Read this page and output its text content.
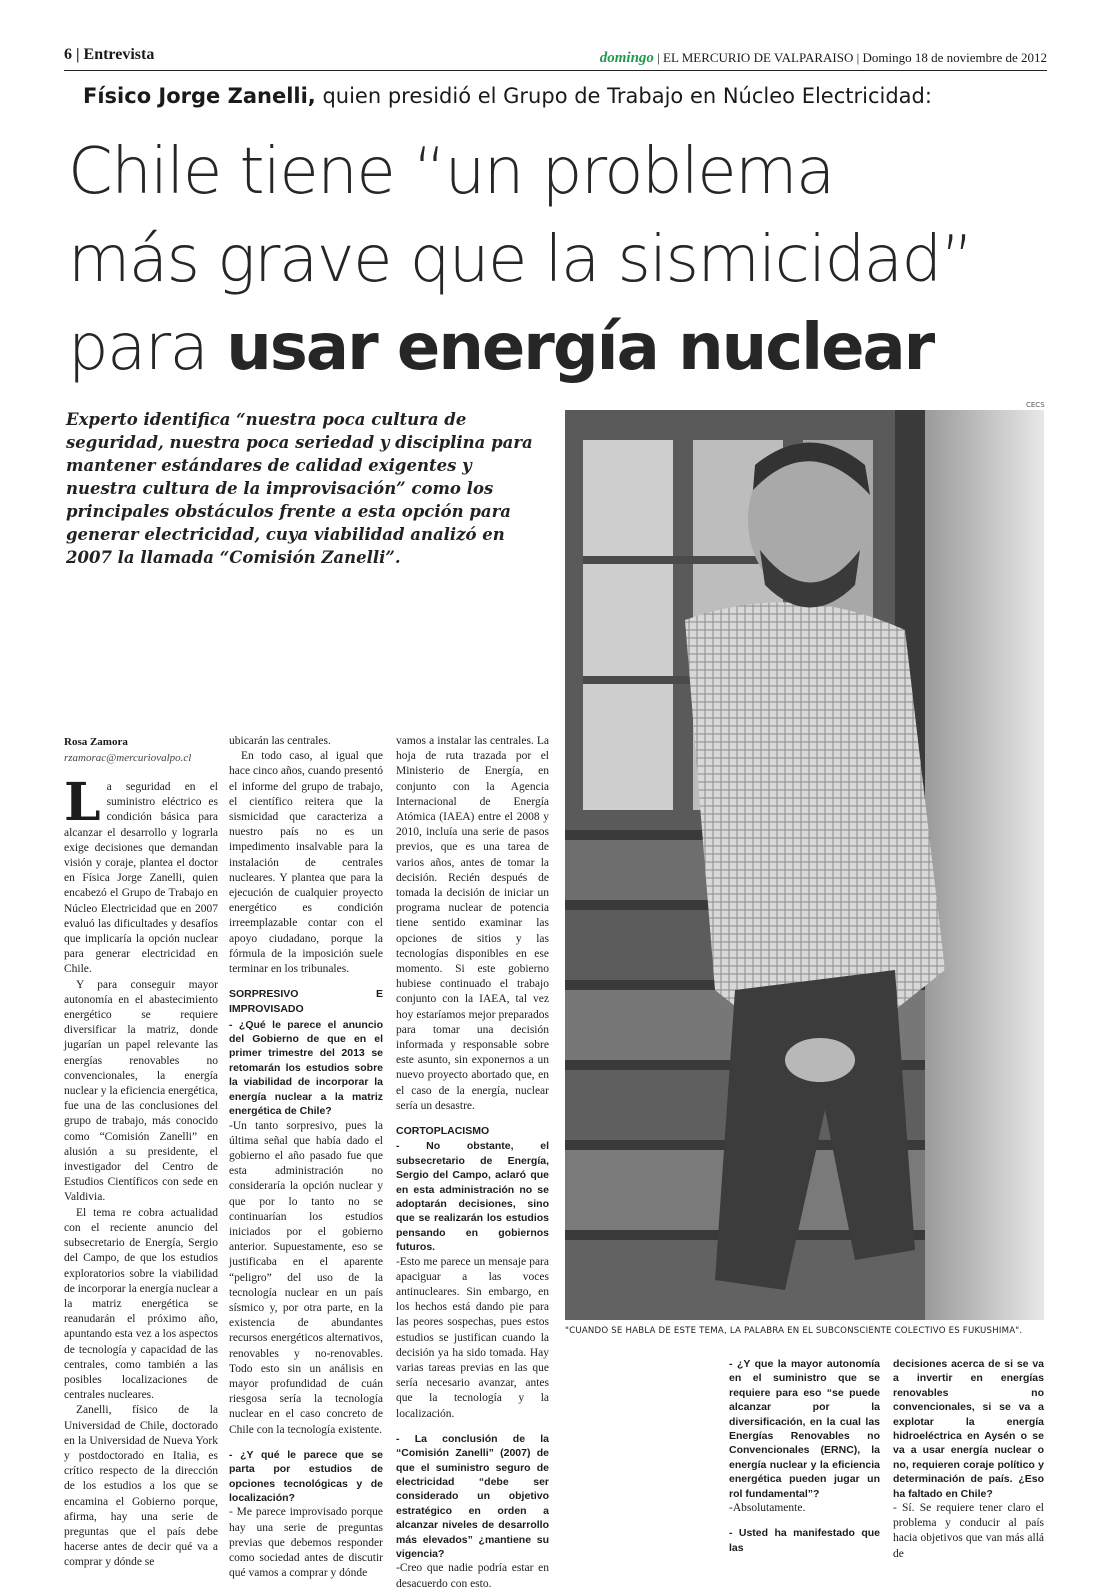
6 | Entrevista	domingo | EL MERCURIO DE VALPARAISO | Domingo 18 de noviembre de 2012
Físico Jorge Zanelli, quien presidió el Grupo de Trabajo en Núcleo Electricidad:
Chile tiene “un problema
más grave que la sismicidad”
para usar energía nuclear
Experto identifica “nuestra poca cultura de seguridad, nuestra poca seriedad y disciplina para mantener estándares de calidad exigentes y nuestra cultura de la improvisación” como los principales obstáculos frente a esta opción para generar electricidad, cuya viabilidad analizó en 2007 la llamada “Comisión Zanelli”.
CECS
"CUANDO SE HABLA DE ESTE TEMA, LA PALABRA EN EL SUBCONSCIENTE COLECTIVO ES FUKUSHIMA".
Rosa Zamora
rzamorac@mercuriovalpo.cl

La seguridad en el suministro eléctrico es condición básica para alcanzar el desarrollo y lograrla exige decisiones que demandan visión y coraje, plantea el doctor en Física Jorge Zanelli, quien encabezó el Grupo de Trabajo en Núcleo Electricidad que en 2007 evaluó las dificultades y desafíos que implicaría la opción nuclear para generar electricidad en Chile.

Y para conseguir mayor autonomía en el abastecimiento energético se requiere diversificar la matriz, donde jugarían un papel relevante las energías renovables no convencionales, la energía nuclear y la eficiencia energética, fue una de las conclusiones del grupo de trabajo, más conocido como “Comisión Zanelli” en alusión a su presidente, el investigador del Centro de Estudios Científicos con sede en Valdivia.

El tema re cobra actualidad con el reciente anuncio del subsecretario de Energía, Sergio del Campo, de que los estudios exploratorios sobre la viabilidad de incorporar la energía nuclear a la matriz energética se reanudarán el próximo año, apuntando esta vez a los aspectos de tecnología y capacidad de las centrales, como también a las posibles localizaciones de centrales nucleares.

Zanelli, físico de la Universidad de Chile, doctorado en la Universidad de Nueva York y postdoctorado en Italia, es crítico respecto de la dirección de los estudios a los que se encamina el Gobierno porque, afirma, hay una serie de preguntas que el país debe hacerse antes de decir qué va a comprar y dónde se

ubicarán las centrales.

En todo caso, al igual que hace cinco años, cuando presentó el informe del grupo de trabajo, el científico reitera que la sismicidad que caracteriza a nuestro país no es un impedimento insalvable para la instalación de centrales nucleares. Y plantea que para la ejecución de cualquier proyecto energético es condición irreemplazable contar con el apoyo ciudadano, porque la fórmula de la imposición suele terminar en los tribunales.

SORPRESIVO E IMPROVISADO

- ¿Qué le parece el anuncio del Gobierno de que en el primer trimestre del 2013 se retomarán los estudios sobre la viabilidad de incorporar la energía nuclear a la matriz energética de Chile?

-Un tanto sorpresivo, pues la última señal que había dado el gobierno el año pasado fue que esta administración no consideraría la opción nuclear y que por lo tanto no se continuarían los estudios iniciados por el gobierno anterior. Supuestamente, eso se justificaba en el aparente “peligro” del uso de la tecnología nuclear en un país sísmico y, por otra parte, en la existencia de abundantes recursos energéticos alternativos, renovables y no-renovables. Todo esto sin un análisis en mayor profundidad de cuán riesgosa sería la tecnología nuclear en el caso concreto de Chile con la tecnología existente.

- ¿Y qué le parece que se parta por estudios de opciones tecnológicas y de localización?

- Me parece improvisado porque hay una serie de preguntas previas que debemos responder como sociedad antes de discutir qué vamos a comprar y dónde

vamos a instalar las centrales. La hoja de ruta trazada por el Ministerio de Energía, en conjunto con la Agencia Internacional de Energía Atómica (IAEA) entre el 2008 y 2010, incluía una serie de pasos previos, que es una tarea de varios años, antes de tomar la decisión. Recién después de tomada la decisión de iniciar un programa nuclear de potencia tiene sentido examinar las opciones de sitios y las tecnologías disponibles en ese momento. Si este gobierno hubiese continuado el trabajo conjunto con la IAEA, tal vez hoy estaríamos mejor preparados para tomar una decisión informada y responsable sobre este asunto, sin exponernos a un nuevo proyecto abortado que, en el caso de la energía, nuclear sería un desastre.

CORTOPLACISMO

- No obstante, el subsecretario de Energía, Sergio del Campo, aclaró que en esta administración no se adoptarán decisiones, sino que se realizarán los estudios pensando en gobiernos futuros.

-Esto me parece un mensaje para apaciguar a las voces antinucleares. Sin embargo, en los hechos está dando pie para las peores sospechas, pues estos estudios se justifican cuando la decisión ya ha sido tomada. Hay varias tareas previas en las que sería necesario avanzar, antes que la tecnología y la localización.

- La conclusión de la “Comisión Zanelli” (2007) de que el suministro seguro de electricidad “debe ser considerado un objetivo estratégico en orden a alcanzar niveles de desarrollo más elevados” ¿mantiene su vigencia?

-Creo que nadie podría estar en desacuerdo con esto.

- ¿Y que la mayor autonomía en el suministro que se requiere para eso “se puede alcanzar por la diversificación, en la cual las Energías Renovables no Convencionales (ERNC), la energía nuclear y la eficiencia energética pueden jugar un rol fundamental”?

-Absolutamente.

- Usted ha manifestado que las

decisiones acerca de si se va a invertir en energías renovables no convencionales, si se va a explotar la energía hidroeléctrica en Aysén o se va a usar energía nuclear o no, requieren coraje político y determinación de país. ¿Eso ha faltado en Chile?

- Sí. Se requiere tener claro el problema y conducir al país hacia objetivos que van más allá de
